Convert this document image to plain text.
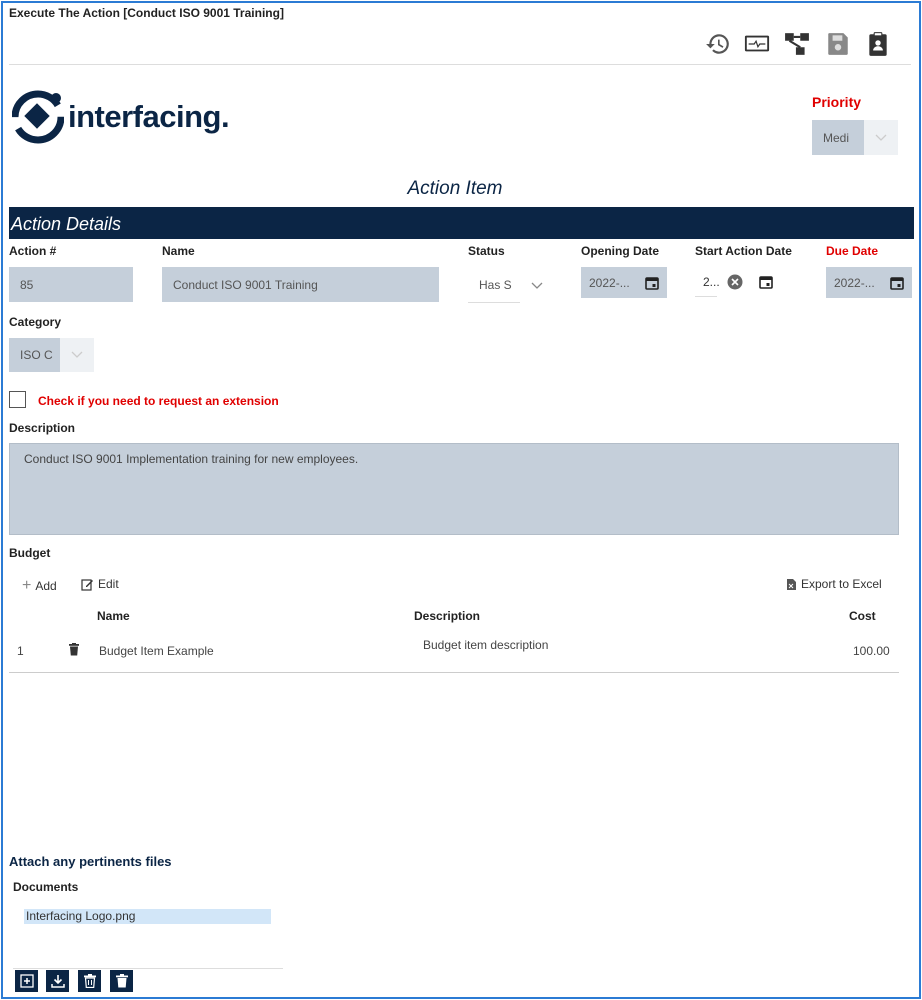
Execute The Action [Conduct ISO 9001 Training]
interfacing.	Priority
Medi
Action Item
Action Details
Action #	Name	Status	Opening Date	Start Action Date	Due Date
85	Conduct ISO 9001 Training	Has S	2022-...	2...	2022-...
Category
ISO C
Check if you need to request an extension
Description
Conduct ISO 9001 Implementation training for new employees.
Budget
+ Add	Edit	Export to Excel
Name	Description	Cost
1	Budget Item Example	Budget item description	100.00
Attach any pertinents files
Documents
Interfacing Logo.png
